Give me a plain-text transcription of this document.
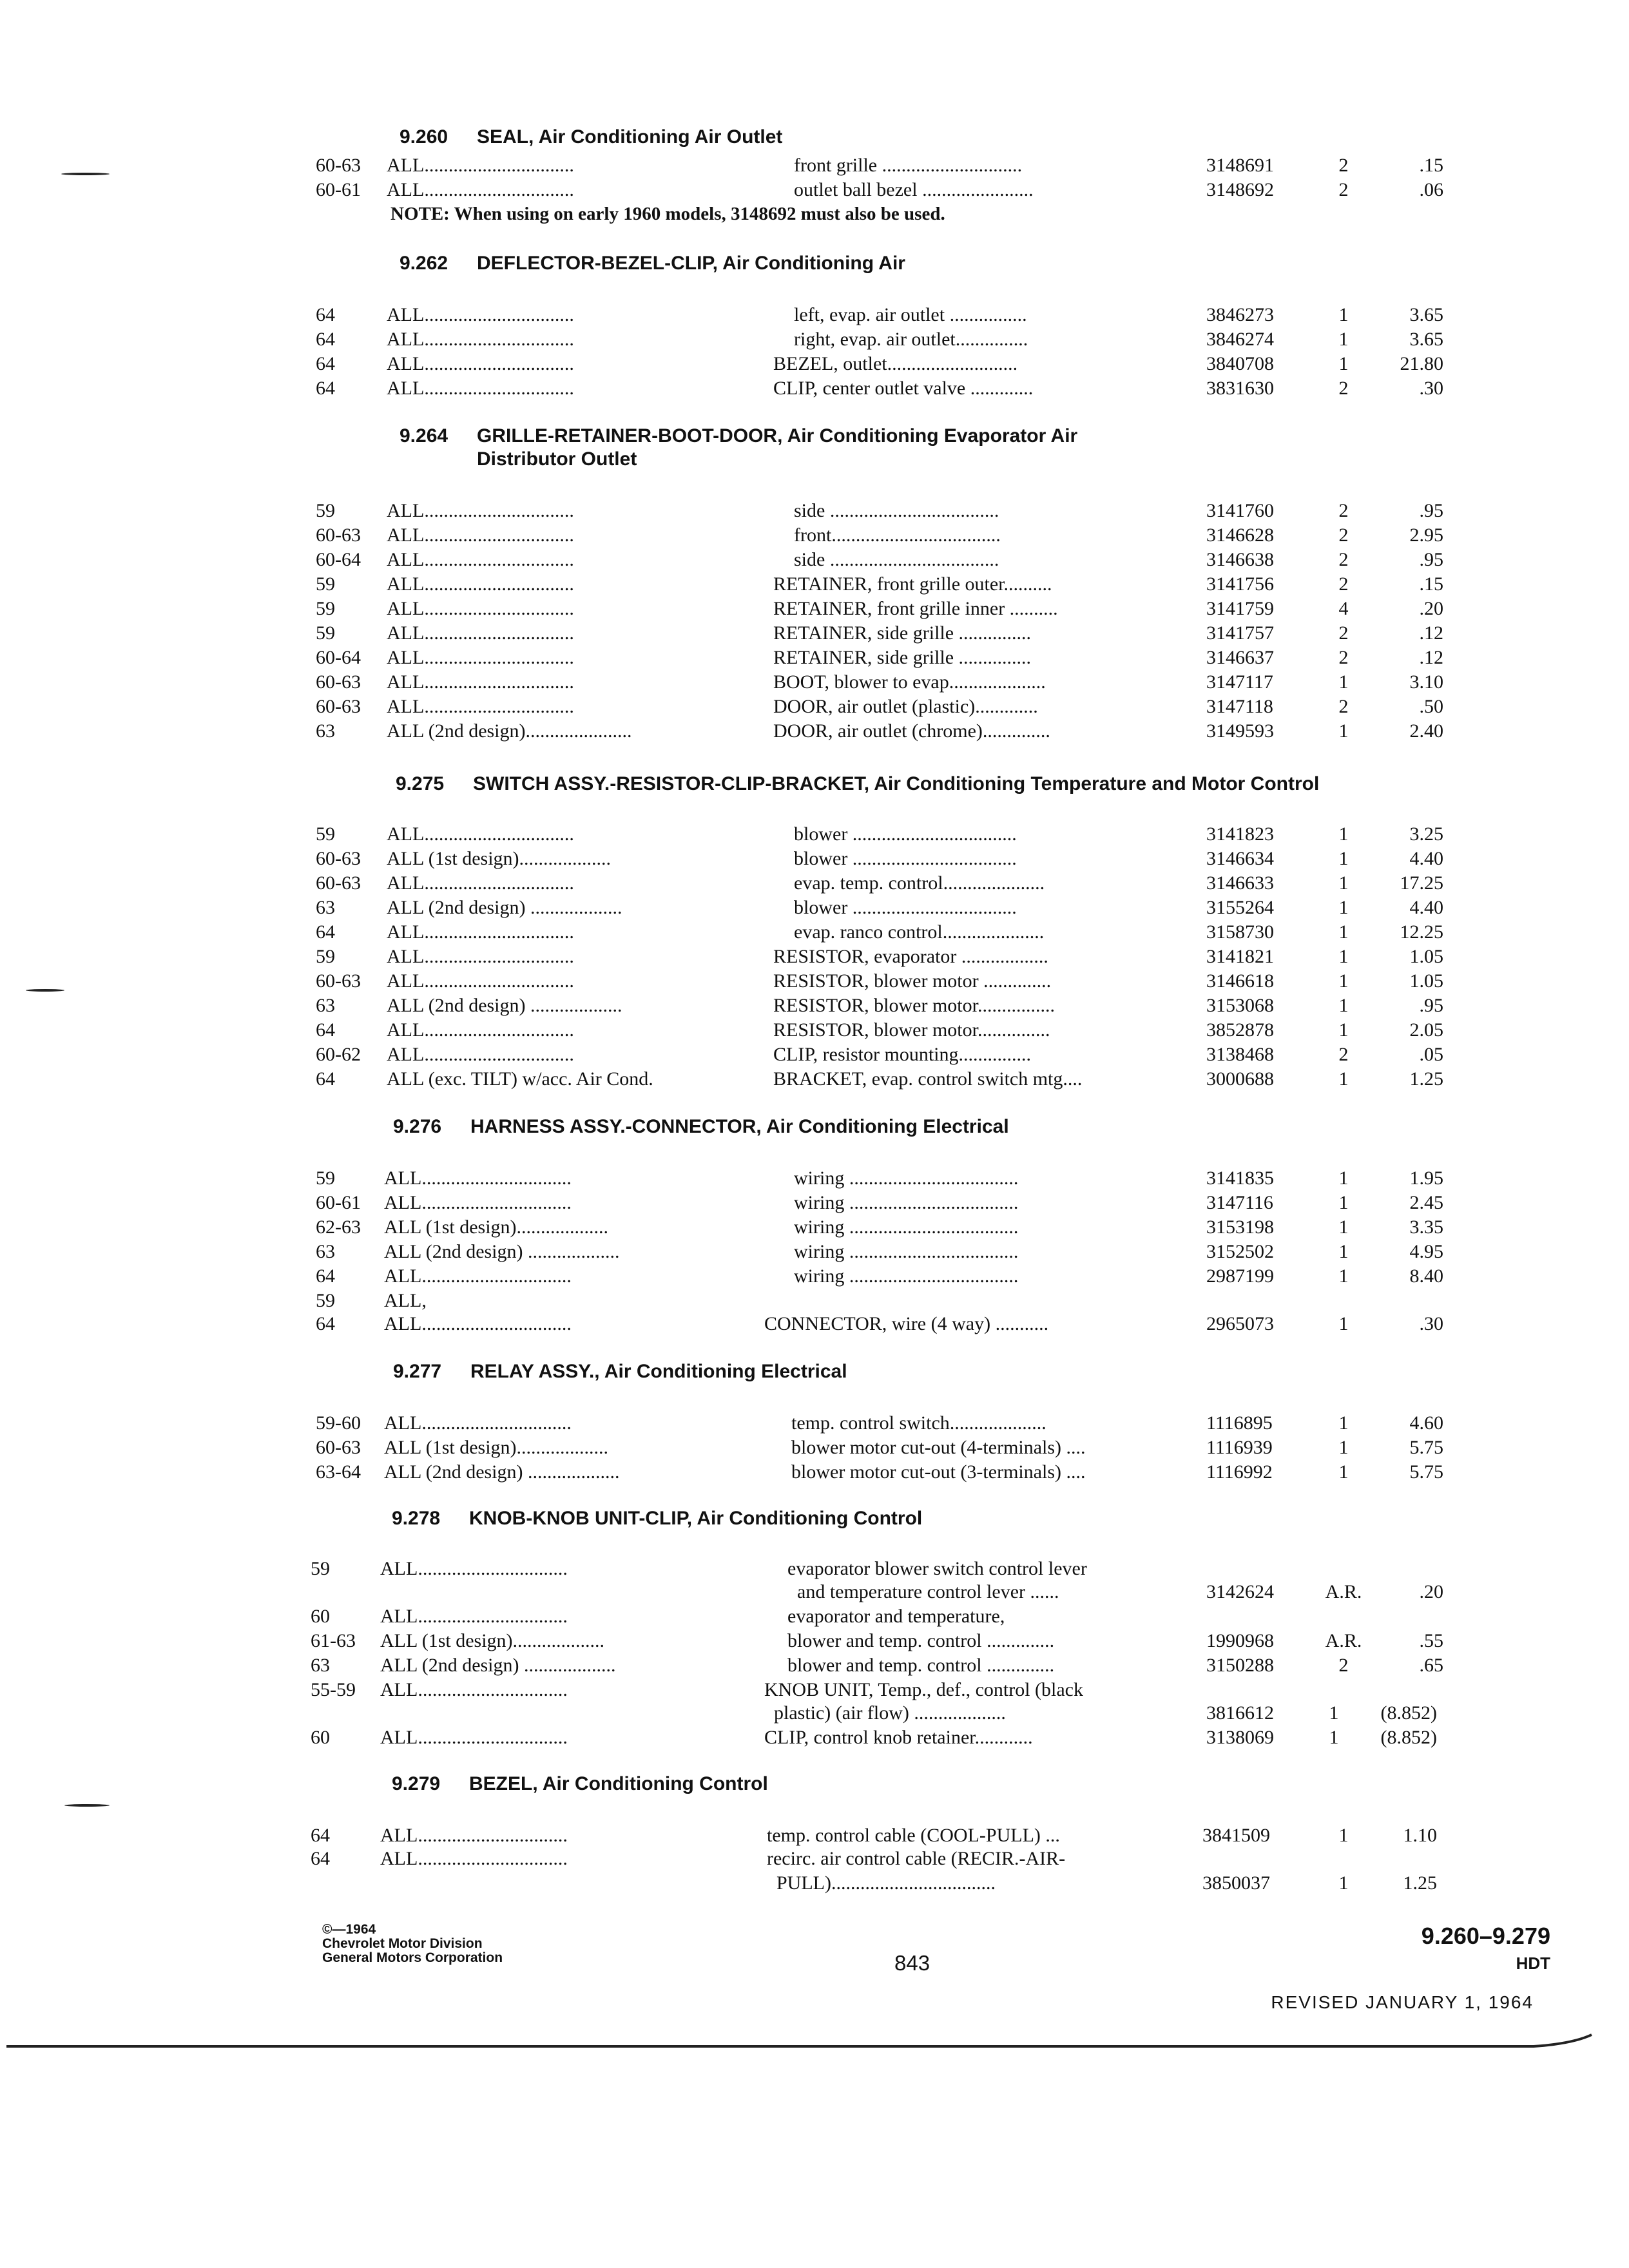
9.260 SEAL, Air Conditioning Air Outlet
60-63 ALL...............................	front grille .............................	3148691	2	.15
60-61 ALL...............................	outlet ball bezel .......................	3148692	2	.06
NOTE: When using on early 1960 models, 3148692 must also be used.
9.262 DEFLECTOR-BEZEL-CLIP, Air Conditioning Air
64	ALL...............................	left, evap. air outlet ................	3846273	1	3.65
64	ALL...............................	right, evap. air outlet...............	3846274	1	3.65
64	ALL...............................	BEZEL, outlet...........................	3840708	1	21.80
64	ALL...............................	CLIP, center outlet valve .............	3831630	2	.30
9.264 GRILLE-RETAINER-BOOT-DOOR, Air Conditioning Evaporator Air
Distributor Outlet
59	ALL...............................	side ...................................	3141760	2	.95
60-63 ALL...............................	front...................................	3146628	2	2.95
60-64 ALL...............................	side ...................................	3146638	2	.95
59	ALL...............................	RETAINER, front grille outer..........	3141756	2	.15
59	ALL...............................	RETAINER, front grille inner ..........	3141759	4	.20
59	ALL...............................	RETAINER, side grille ...............	3141757	2	.12
60-64 ALL...............................	RETAINER, side grille ...............	3146637	2	.12
60-63 ALL...............................	BOOT, blower to evap....................	3147117	1	3.10
60-63 ALL...............................	DOOR, air outlet (plastic).............	3147118	2	.50
63	ALL (2nd design)......................	DOOR, air outlet (chrome)..............	3149593	1	2.40
9.275 SWITCH ASSY.-RESISTOR-CLIP-BRACKET, Air Conditioning Temperature and Motor Control
59	ALL...............................	blower ..................................	3141823	1	3.25
60-63 ALL (1st design)...................	blower ..................................	3146634	1	4.40
60-63 ALL...............................	evap. temp. control.....................	3146633	1	17.25
63	ALL (2nd design) ...................	blower ..................................	3155264	1	4.40
64	ALL...............................	evap. ranco control.....................	3158730	1	12.25
59	ALL...............................	RESISTOR, evaporator ..................	3141821	1	1.05
60-63 ALL...............................	RESISTOR, blower motor ..............	3146618	1	1.05
63	ALL (2nd design) ...................	RESISTOR, blower motor................	3153068	1	.95
64	ALL...............................	RESISTOR, blower motor...............	3852878	1	2.05
60-62 ALL...............................	CLIP, resistor mounting...............	3138468	2	.05
64	ALL (exc. TILT) w/acc. Air Cond.	BRACKET, evap. control switch mtg....	3000688	1	1.25
9.276 HARNESS ASSY.-CONNECTOR, Air Conditioning Electrical
59	ALL...............................	wiring ...................................	3141835	1	1.95
60-61 ALL...............................	wiring ...................................	3147116	1	2.45
62-63 ALL (1st design)...................	wiring ...................................	3153198	1	3.35
63	ALL (2nd design) ...................	wiring ...................................	3152502	1	4.95
64	ALL...............................	wiring ...................................	2987199	1	8.40
59	ALL,
64	ALL...............................	CONNECTOR, wire (4 way) ...........	2965073	1	.30
9.277 RELAY ASSY., Air Conditioning Electrical
59-60 ALL...............................	temp. control switch....................	1116895	1	4.60
60-63 ALL (1st design)...................	blower motor cut-out (4-terminals) ....	1116939	1	5.75
63-64 ALL (2nd design) ...................	blower motor cut-out (3-terminals) ....	1116992	1	5.75
9.278 KNOB-KNOB UNIT-CLIP, Air Conditioning Control
59	ALL...............................	evaporator blower switch control lever
and temperature control lever ......	3142624	A.R.	.20
60	ALL...............................	evaporator and temperature,
61-63 ALL (1st design)...................	blower and temp. control ..............	1990968	A.R.	.55
63	ALL (2nd design) ...................	blower and temp. control ..............	3150288	2	.65
55-59 ALL...............................	KNOB UNIT, Temp., def., control (black
plastic) (air flow) ...................	3816612	1	(8.852)
60	ALL...............................	CLIP, control knob retainer............	3138069	1	(8.852)
9.279 BEZEL, Air Conditioning Control
64	ALL...............................	temp. control cable (COOL-PULL) ...	3841509	1	1.10
64	ALL...............................	recirc. air control cable (RECIR.-AIR-
PULL)..................................	3850037	1	1.25
©—1964
Chevrolet Motor Division
General Motors Corporation	843
9.260–9.279
HDT
REVISED JANUARY 1, 1964
